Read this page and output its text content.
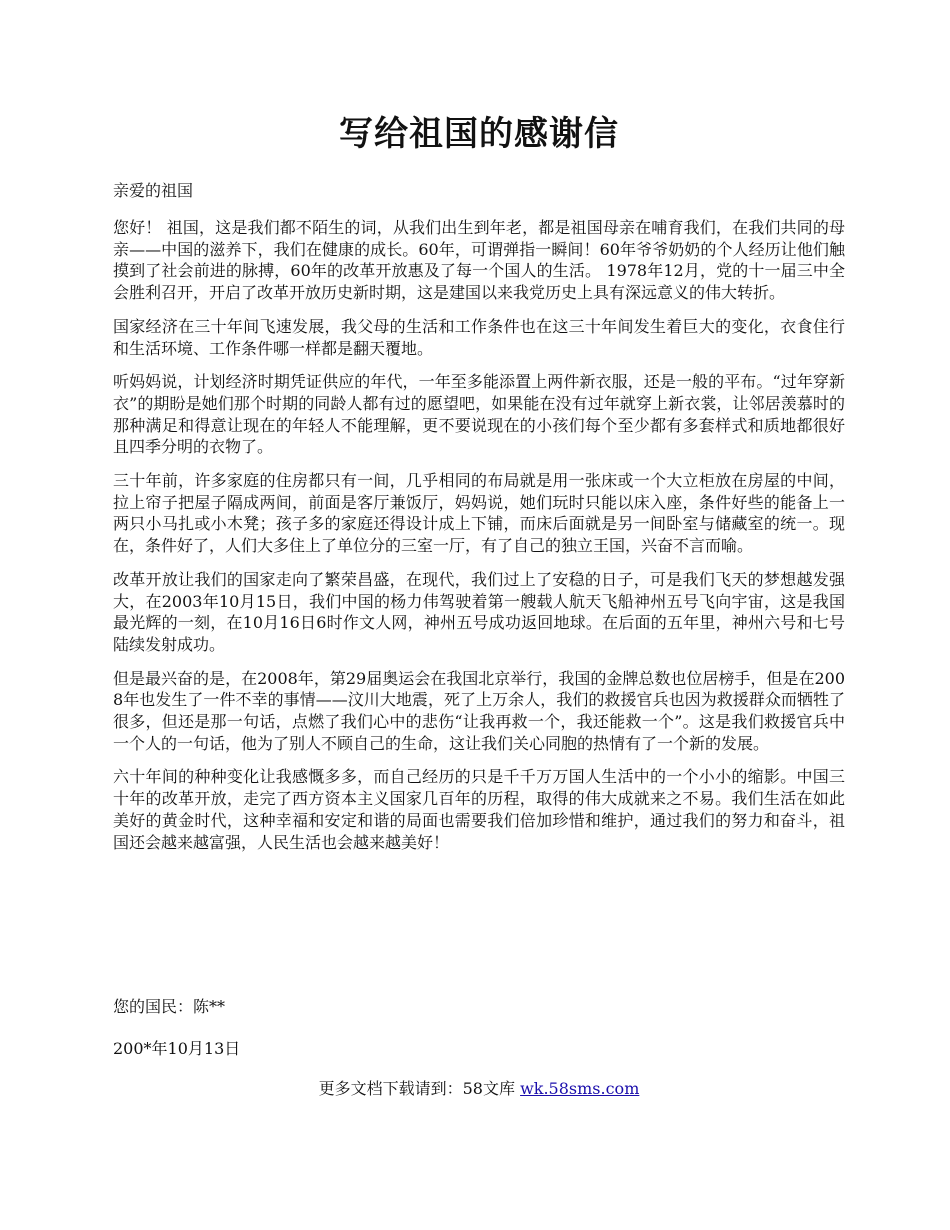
写给祖国的感谢信
亲爱的祖国

您好！ 祖国，这是我们都不陌生的词，从我们出生到年老，都是祖国母亲在哺育我们，在我们共同的母亲——中国的滋养下，我们在健康的成长。60年，可谓弹指一瞬间！60年爷爷奶奶的个人经历让他们触摸到了社会前进的脉搏，60年的改革开放惠及了每一个国人的生活。 1978年12月，党的十一届三中全会胜利召开，开启了改革开放历史新时期，这是建国以来我党历史上具有深远意义的伟大转折。

国家经济在三十年间飞速发展，我父母的生活和工作条件也在这三十年间发生着巨大的变化，衣食住行和生活环境、工作条件哪一样都是翻天覆地。

听妈妈说，计划经济时期凭证供应的年代，一年至多能添置上两件新衣服，还是一般的平布。“过年穿新衣”的期盼是她们那个时期的同龄人都有过的愿望吧，如果能在没有过年就穿上新衣裳，让邻居羡慕时的那种满足和得意让现在的年轻人不能理解，更不要说现在的小孩们每个至少都有多套样式和质地都很好且四季分明的衣物了。

三十年前，许多家庭的住房都只有一间，几乎相同的布局就是用一张床或一个大立柜放在房屋的中间，拉上帘子把屋子隔成两间，前面是客厅兼饭厅，妈妈说，她们玩时只能以床入座，条件好些的能备上一两只小马扎或小木凳；孩子多的家庭还得设计成上下铺，而床后面就是另一间卧室与储藏室的统一。现在，条件好了，人们大多住上了单位分的三室一厅，有了自己的独立王国，兴奋不言而喻。

改革开放让我们的国家走向了繁荣昌盛，在现代，我们过上了安稳的日子，可是我们飞天的梦想越发强大，在2003年10月15日，我们中国的杨力伟驾驶着第一艘载人航天飞船神州五号飞向宇宙，这是我国最光辉的一刻，在10月16日6时作文人网，神州五号成功返回地球。在后面的五年里，神州六号和七号陆续发射成功。

但是最兴奋的是，在2008年，第29届奥运会在我国北京举行，我国的金牌总数也位居榜手，但是在2008年也发生了一件不幸的事情——汶川大地震，死了上万余人，我们的救援官兵也因为救援群众而牺牲了很多，但还是那一句话，点燃了我们心中的悲伤“让我再救一个，我还能救一个”。这是我们救援官兵中一个人的一句话，他为了别人不顾自己的生命，这让我们关心同胞的热情有了一个新的发展。

六十年间的种种变化让我感慨多多，而自己经历的只是千千万万国人生活中的一个小小的缩影。中国三十年的改革开放，走完了西方资本主义国家几百年的历程，取得的伟大成就来之不易。我们生活在如此美好的黄金时代，这种幸福和安定和谐的局面也需要我们倍加珍惜和维护，通过我们的努力和奋斗，祖国还会越来越富强，人民生活也会越来越美好！

您的国民：陈**

200*年10月13日

更多文档下载请到：58文库 wk.58sms.com
